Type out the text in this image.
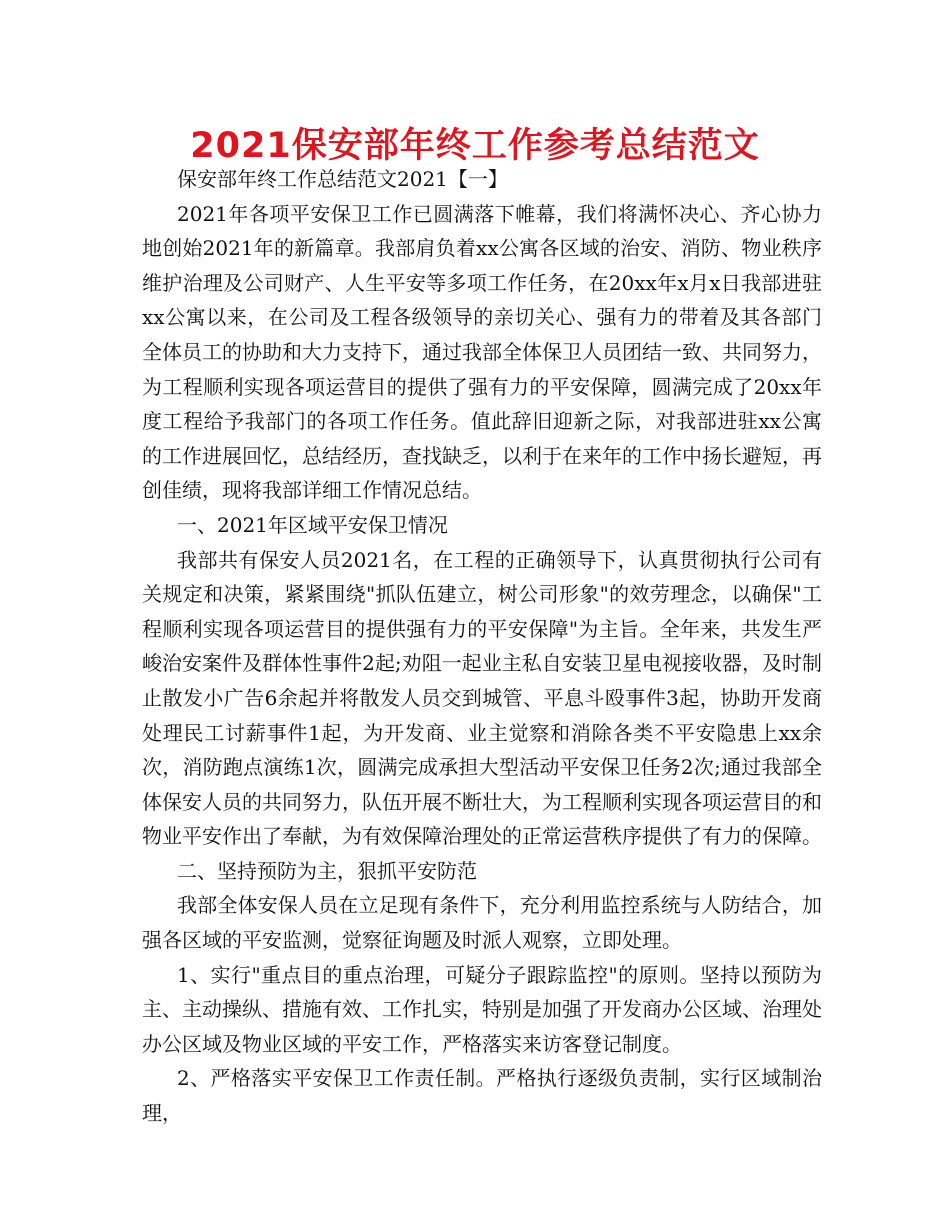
2021保安部年终工作参考总结范文

保安部年终工作总结范文2021【一】

2021年各项平安保卫工作已圆满落下帷幕，我们将满怀决心、齐心协力地创始2021年的新篇章。我部肩负着xx公寓各区域的治安、消防、物业秩序维护治理及公司财产、人生平安等多项工作任务，在20xx年x月x日我部进驻xx公寓以来，在公司及工程各级领导的亲切关心、强有力的带着及其各部门全体员工的协助和大力支持下，通过我部全体保卫人员团结一致、共同努力，为工程顺利实现各项运营目的提供了强有力的平安保障，圆满完成了20xx年度工程给予我部门的各项工作任务。值此辞旧迎新之际，对我部进驻xx公寓的工作进展回忆，总结经历，查找缺乏，以利于在来年的工作中扬长避短，再创佳绩，现将我部详细工作情况总结。

一、2021年区域平安保卫情况

我部共有保安人员2021名，在工程的正确领导下，认真贯彻执行公司有关规定和决策，紧紧围绕"抓队伍建立，树公司形象"的效劳理念，以确保"工程顺利实现各项运营目的提供强有力的平安保障"为主旨。全年来，共发生严峻治安案件及群体性事件2起;劝阻一起业主私自安装卫星电视接收器，及时制止散发小广告6余起并将散发人员交到城管、平息斗殴事件3起，协助开发商处理民工讨薪事件1起，为开发商、业主觉察和消除各类不平安隐患上xx余次，消防跑点演练1次，圆满完成承担大型活动平安保卫任务2次;通过我部全体保安人员的共同努力，队伍开展不断壮大，为工程顺利实现各项运营目的和物业平安作出了奉献，为有效保障治理处的正常运营秩序提供了有力的保障。

二、坚持预防为主，狠抓平安防范

我部全体安保人员在立足现有条件下，充分利用监控系统与人防结合，加强各区域的平安监测，觉察征询题及时派人观察，立即处理。

1、实行"重点目的重点治理，可疑分子跟踪监控"的原则。坚持以预防为主、主动操纵、措施有效、工作扎实，特别是加强了开发商办公区域、治理处办公区域及物业区域的平安工作，严格落实来访客登记制度。

2、严格落实平安保卫工作责任制。严格执行逐级负责制，实行区域制治理，
